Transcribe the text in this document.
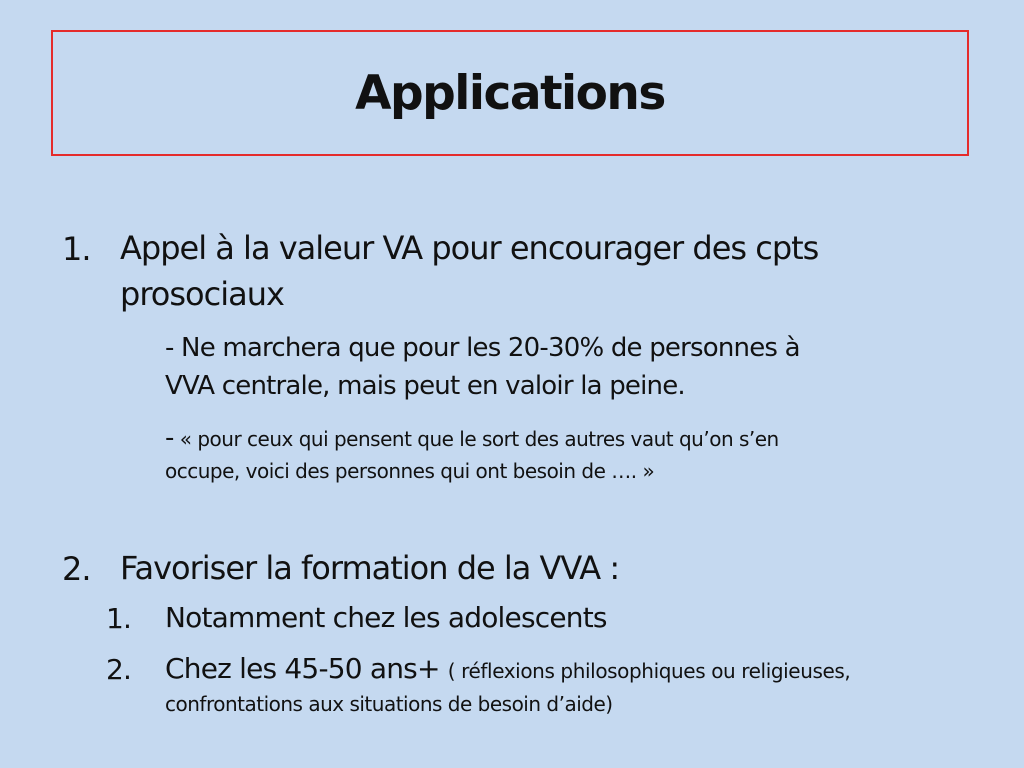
Applications
1. Appel à la valeur VA pour encourager des cpts
prosociaux
- Ne marchera que pour les 20-30% de personnes à
VVA centrale, mais peut en valoir la peine.
- « pour ceux qui pensent que le sort des autres vaut qu’on s’en
occupe, voici des personnes qui ont besoin de …. »
2. Favoriser la formation de la VVA :
1. Notamment chez les adolescents
2. Chez les 45-50 ans+ ( réflexions philosophiques ou religieuses,
confrontations aux situations de besoin d’aide)
